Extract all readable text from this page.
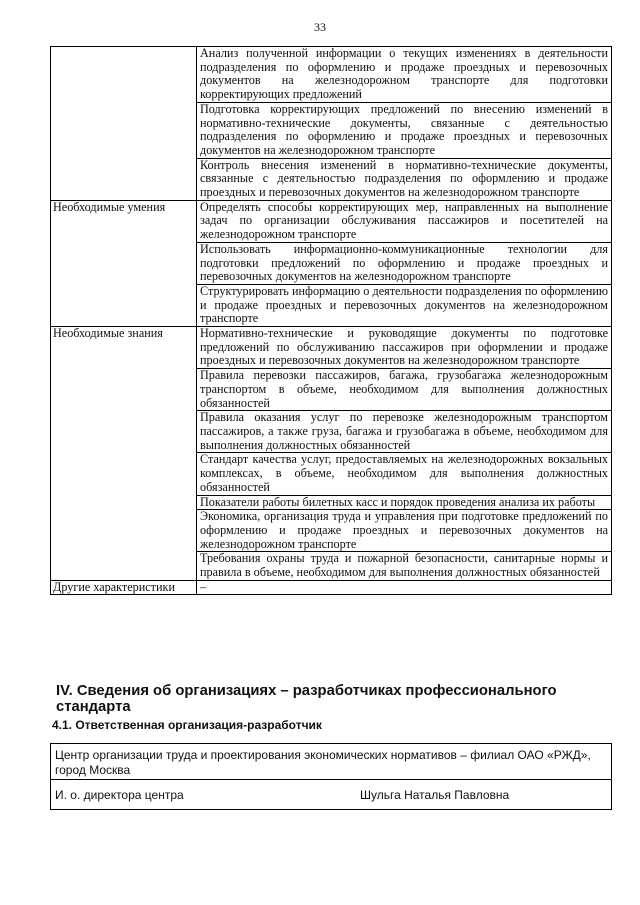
33
	Анализ полученной информации о текущих изменениях в деятельности подразделения по оформлению и продаже проездных и перевозочных документов на железнодорожном транспорте для подготовки корректирующих предложений
	Подготовка корректирующих предложений по внесению изменений в нормативно-технические документы, связанные с деятельностью подразделения по оформлению и продаже проездных и перевозочных документов на железнодорожном транспорте
	Контроль внесения изменений в нормативно-технические документы, связанные с деятельностью подразделения по оформлению и продаже проездных и перевозочных документов на железнодорожном транспорте
Необходимые умения	Определять способы корректирующих мер, направленных на выполнение задач по организации обслуживания пассажиров и посетителей на железнодорожном транспорте
	Использовать информационно-коммуникационные технологии для подготовки предложений по оформлению и продаже проездных и перевозочных документов на железнодорожном транспорте
	Структурировать информацию о деятельности подразделения по оформлению и продаже проездных и перевозочных документов на железнодорожном транспорте
Необходимые знания	Нормативно-технические и руководящие документы по подготовке предложений по обслуживанию пассажиров при оформлении и продаже проездных и перевозочных документов на железнодорожном транспорте
	Правила перевозки пассажиров, багажа, грузобагажа железнодорожным транспортом в объеме, необходимом для выполнения должностных обязанностей
	Правила оказания услуг по перевозке железнодорожным транспортом пассажиров, а также груза, багажа и грузобагажа в объеме, необходимом для выполнения должностных обязанностей
	Стандарт качества услуг, предоставляемых на железнодорожных вокзальных комплексах, в объеме, необходимом для выполнения должностных обязанностей
	Показатели работы билетных касс и порядок проведения анализа их работы
	Экономика, организация труда и управления при подготовке предложений по оформлению и продаже проездных и перевозочных документов на железнодорожном транспорте
	Требования охраны труда и пожарной безопасности, санитарные нормы и правила в объеме, необходимом для выполнения должностных обязанностей
Другие характеристики	–
IV. Сведения об организациях – разработчиках профессионального стандарта
4.1. Ответственная организация-разработчик
Центр организации труда и проектирования экономических нормативов – филиал ОАО «РЖД», город Москва

И. о. директора центра	Шульга Наталья Павловна
